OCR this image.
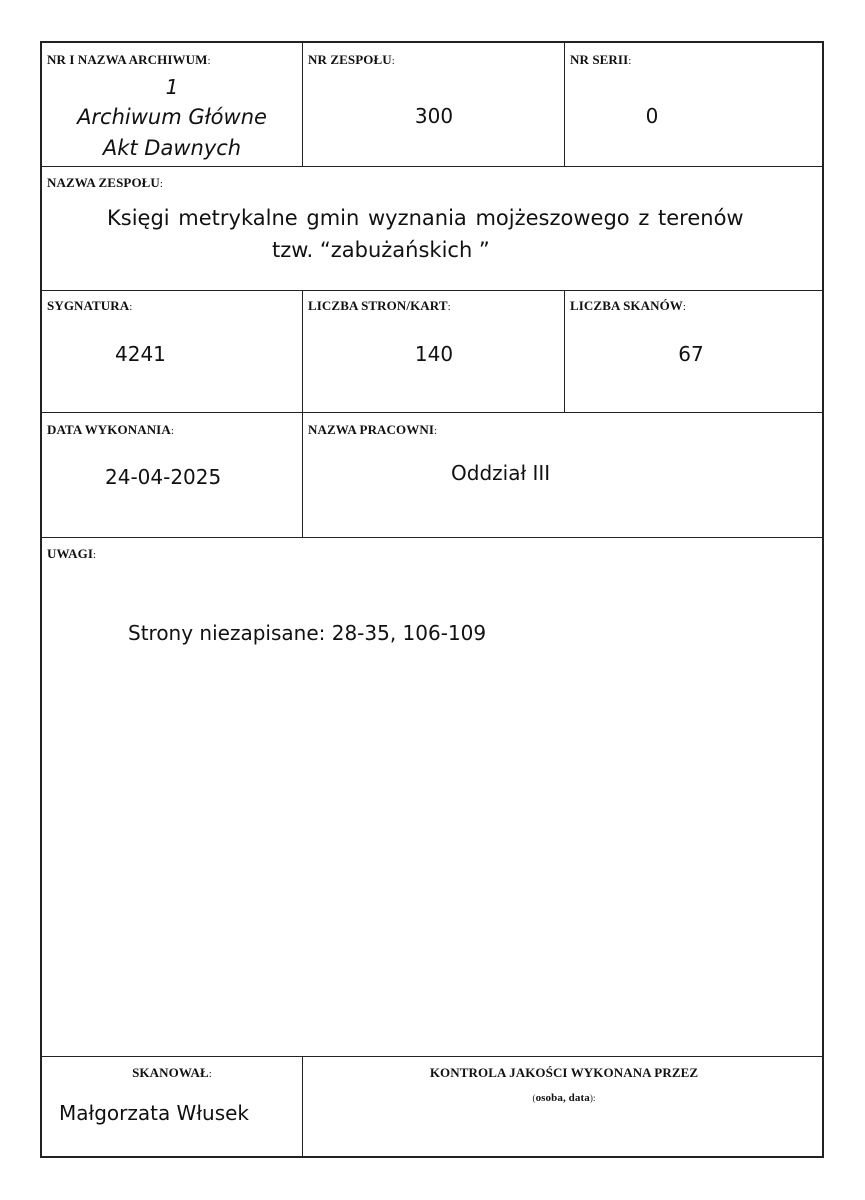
NR I NAZWA ARCHIWUM:
1
Archiwum Główne
Akt Dawnych
NR ZESPOŁU:
300
NR SERII:
0
NAZWA ZESPOŁU:
Księgi metrykalne gmin wyznania mojżeszowego z terenów
tzw. “zabużańskich ”
SYGNATURA:
4241
LICZBA STRON/KART:
140
LICZBA SKANÓW:
67
DATA WYKONANIA:
24-04-2025
NAZWA PRACOWNI:
Oddział III
UWAGI:
Strony niezapisane: 28-35, 106-109
SKANOWAŁ:
Małgorzata Włusek
KONTROLA JAKOŚCI WYKONANA PRZEZ
(osoba, data):
